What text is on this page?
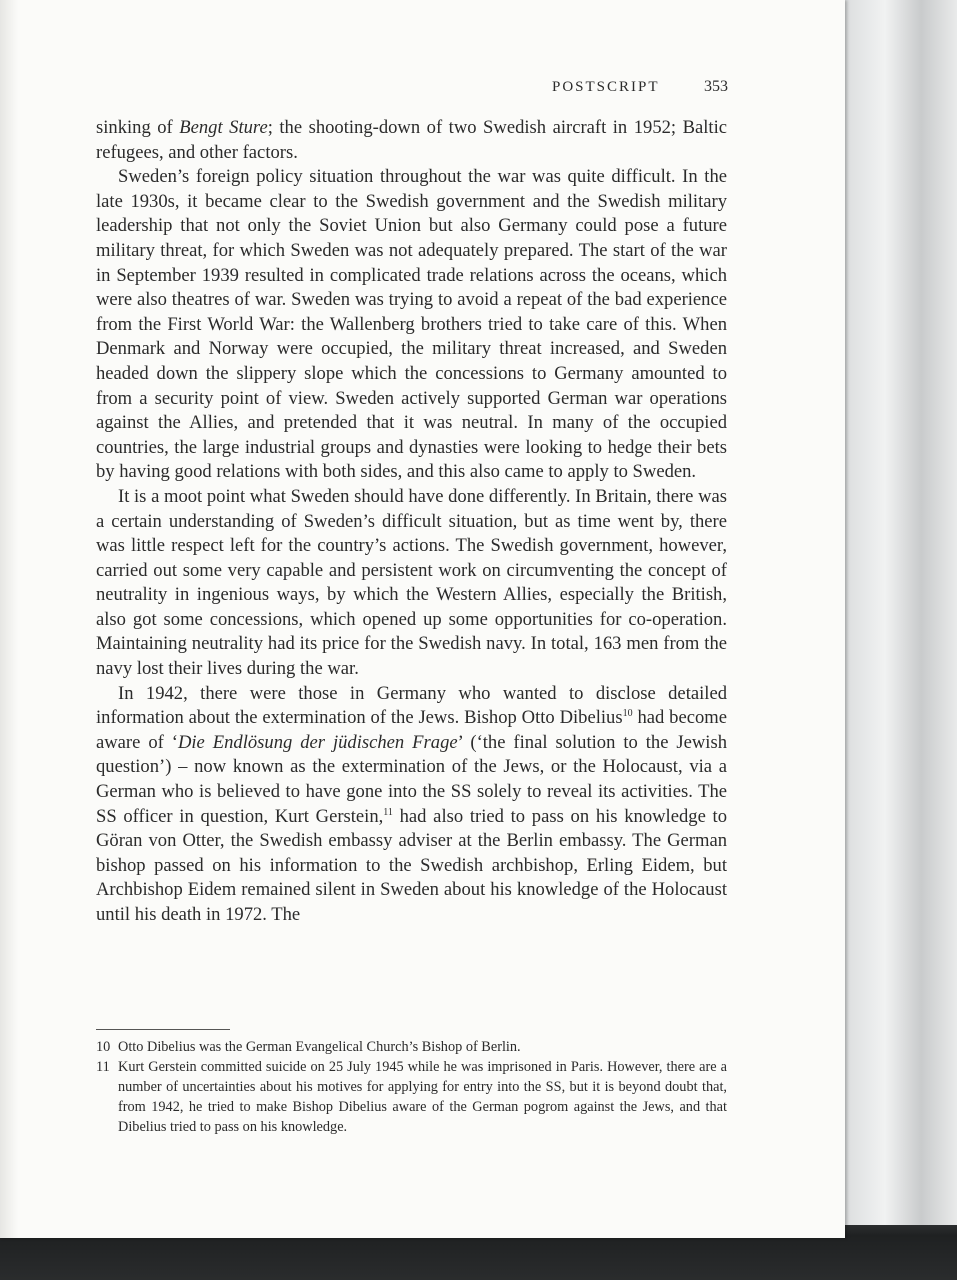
POSTSCRIPT	353

sinking of Bengt Sture; the shooting-down of two Swedish aircraft in 1952; Baltic refugees, and other factors.

Sweden’s foreign policy situation throughout the war was quite difficult. In the late 1930s, it became clear to the Swedish government and the Swedish military leadership that not only the Soviet Union but also Germany could pose a future military threat, for which Sweden was not adequately prepared. The start of the war in September 1939 resulted in complicated trade relations across the oceans, which were also theatres of war. Sweden was trying to avoid a repeat of the bad experience from the First World War: the Wallenberg brothers tried to take care of this. When Denmark and Norway were occupied, the military threat increased, and Sweden headed down the slippery slope which the concessions to Germany amounted to from a security point of view. Sweden actively supported German war operations against the Allies, and pretended that it was neutral. In many of the occupied countries, the large industrial groups and dynasties were looking to hedge their bets by having good relations with both sides, and this also came to apply to Sweden.

It is a moot point what Sweden should have done differently. In Britain, there was a certain understanding of Sweden’s difficult situation, but as time went by, there was little respect left for the country’s actions. The Swedish government, however, carried out some very capable and persistent work on circumventing the concept of neutrality in ingenious ways, by which the Western Allies, especially the British, also got some concessions, which opened up some opportunities for co-operation. Maintaining neutrality had its price for the Swedish navy. In total, 163 men from the navy lost their lives during the war.

In 1942, there were those in Germany who wanted to disclose detailed information about the extermination of the Jews. Bishop Otto Dibelius$^{10}$ had become aware of ‘Die Endlösung der jüdischen Frage’ (‘the final solution to the Jewish question’) – now known as the extermination of the Jews, or the Holocaust, via a German who is believed to have gone into the SS solely to reveal its activities. The SS officer in question, Kurt Gerstein,$^{11}$ had also tried to pass on his knowledge to Göran von Otter, the Swedish embassy adviser at the Berlin embassy. The German bishop passed on his information to the Swedish archbishop, Erling Eidem, but Archbishop Eidem remained silent in Sweden about his knowledge of the Holocaust until his death in 1972. The

10 Otto Dibelius was the German Evangelical Church’s Bishop of Berlin.
11 Kurt Gerstein committed suicide on 25 July 1945 while he was imprisoned in Paris. However, there are a number of uncertainties about his motives for applying for entry into the SS, but it is beyond doubt that, from 1942, he tried to make Bishop Dibelius aware of the German pogrom against the Jews, and that Dibelius tried to pass on his knowledge.
